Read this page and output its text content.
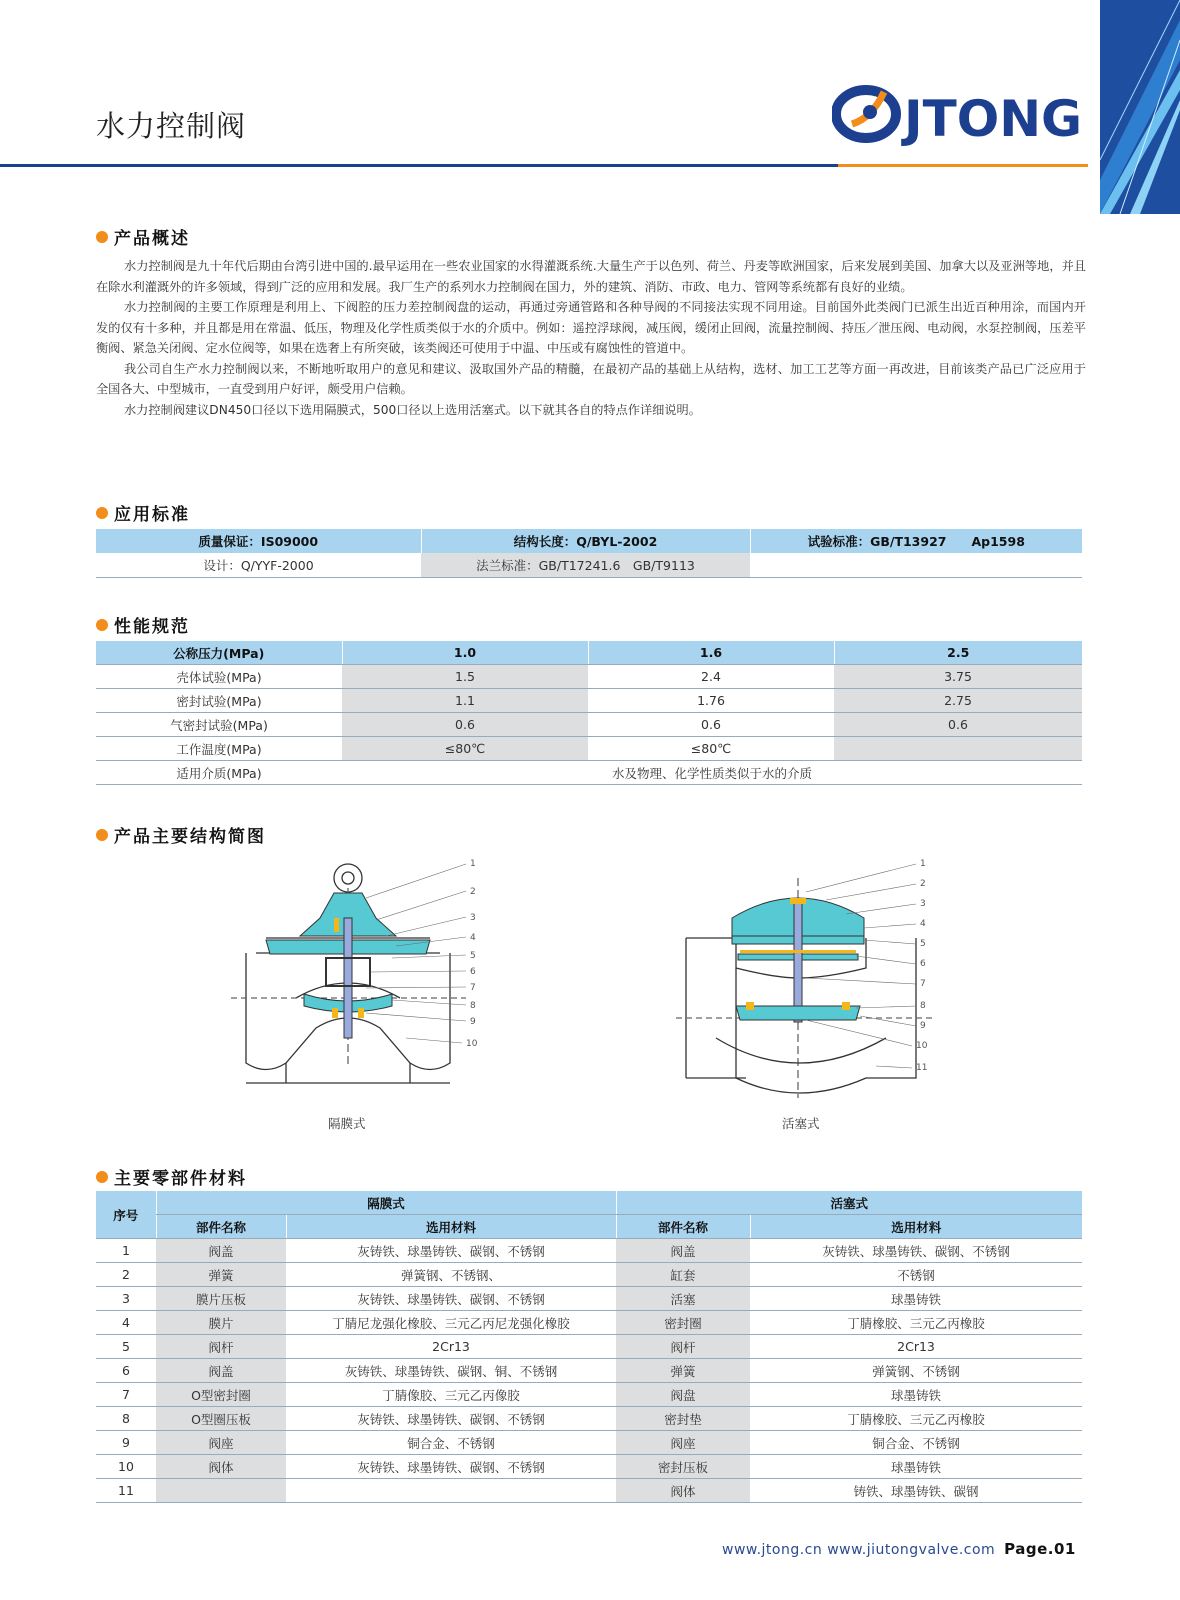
水力控制阀	JTONG
产品概述

水力控制阀是九十年代后期由台湾引进中国的.最早运用在一些农业国家的水得灌溉系统.大量生产于以色列、荷兰、丹麦等欧洲国家，后来发展到美国、加拿大以及亚洲等地，并且在除水利灌溉外的许多领域，得到广泛的应用和发展。我厂生产的系列水力控制阀在国力，外的建筑、消防、市政、电力、管网等系统都有良好的业绩。

水力控制阀的主要工作原理是利用上、下阀腔的压力差控制阀盘的运动，再通过旁通管路和各种导阀的不同接法实现不同用途。目前国外此类阀门已派生出近百种用涂，而国内开发的仅有十多种，并且都是用在常温、低压，物理及化学性质类似于水的介质中。例如：遥控浮球阀，减压阀，缓闭止回阀，流量控制阀、持压／泄压阀、电动阀，水泵控制阀，压差平衡阀、紧急关闭阀、定水位阀等，如果在选奢上有所突破，该类阀还可使用于中温、中压或有腐蚀性的管道中。

我公司自生产水力控制阀以来，不断地听取用户的意见和建议、汲取国外产品的精髓，在最初产品的基础上从结构，选材、加工工艺等方面一再改进，目前该类产品已广泛应用于全国各大、中型城市，一直受到用户好评，颇受用户信赖。

水力控制阀建议DN450口径以下选用隔膜式，500口径以上选用活塞式。以下就其各自的特点作详细说明。

应用标准
质量保证：IS09000	结构长度：Q/BYL-2002	试验标准：GB/T13927　　Ap1598
设计：Q/YYF-2000	法兰标准：GB/T17241.6　GB/T9113	
性能规范
公称压力(MPa)	1.0	1.6	2.5
壳体试验(MPa)	1.5	2.4	3.75
密封试验(MPa)	1.1	1.76	2.75
气密封试验(MPa)	0.6	0.6	0.6
工作温度(MPa)	≤80℃	≤80℃	
适用介质(MPa)	水及物理、化学性质类似于水的介质		
产品主要结构简图
1
2
3
4
5
6
7
8
9
10
隔膜式
1
2
3
4
5
6
7
8
9
10
11
活塞式
主要零部件材料
序号	隔膜式		活塞式	
	部件名称	选用材料	部件名称	选用材料
1	阀盖	灰铸铁、球墨铸铁、碳钢、不锈钢	阀盖	灰铸铁、球墨铸铁、碳钢、不锈钢
2	弹簧	弹簧钢、不锈钢、	缸套	不锈钢
3	膜片压板	灰铸铁、球墨铸铁、碳钢、不锈钢	活塞	球墨铸铁
4	膜片	丁腈尼龙强化橡胶、三元乙丙尼龙强化橡胶	密封圈	丁腈橡胶、三元乙丙橡胶
5	阀杆	2Cr13	阀杆	2Cr13
6	阀盖	灰铸铁、球墨铸铁、碳钢、铜、不锈钢	弹簧	弹簧钢、不锈钢
7	O型密封圈	丁腈像胶、三元乙丙像胶	阀盘	球墨铸铁
8	O型圈压板	灰铸铁、球墨铸铁、碳钢、不锈钢	密封垫	丁腈橡胶、三元乙丙橡胶
9	阀座	铜合金、不锈钢	阀座	铜合金、不锈钢
10	阀体	灰铸铁、球墨铸铁、碳钢、不锈钢	密封压板	球墨铸铁
11			阀体	铸铁、球墨铸铁、碳钢
www.jtong.cn www.jiutongvalve.com Page.01
